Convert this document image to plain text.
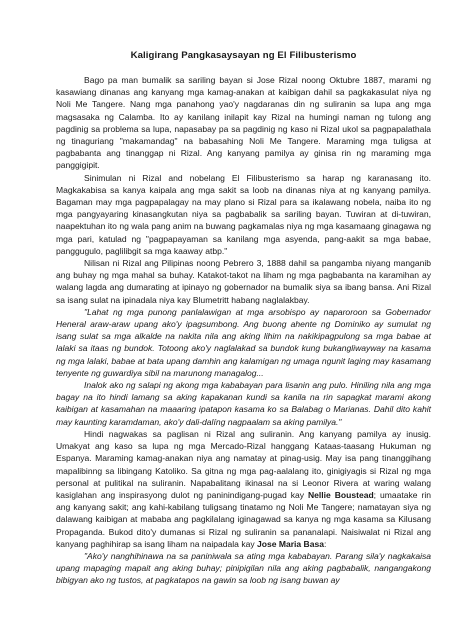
Kaligirang Pangkasaysayan ng El Filibusterismo

Bago pa man bumalik sa sariling bayan si Jose Rizal noong Oktubre 1887, marami ng kasawiang dinanas ang kanyang mga kamag-anakan at kaibigan dahil sa pagkakasulat niya ng Noli Me Tangere. Nang mga panahong yao'y nagdaranas din ng suliranin sa lupa ang mga magsasaka ng Calamba. Ito ay kanilang inilapit kay Rizal na humingi naman ng tulong ang pagdinig sa problema sa lupa, napasabay pa sa pagdinig ng kaso ni Rizal ukol sa pagpapalathala ng tinaguriang "makamandag" na babasahing Noli Me Tangere. Maraming mga tuligsa at pagbabanta ang tinanggap ni Rizal. Ang kanyang pamilya ay ginisa rin ng maraming mga panggigipit.

Sinimulan ni Rizal and nobelang El Filibusterismo sa harap ng karanasang ito. Magkakabisa sa kanya kaipala ang mga sakit sa loob na dinanas niya at ng kanyang pamilya. Bagaman may mga pagpapalagay na may plano si Rizal para sa ikalawang nobela, naiba ito ng mga pangyayaring kinasangkutan niya sa pagbabalik sa sariling bayan. Tuwiran at di-tuwiran, naapektuhan ito ng wala pang anim na buwang pagkamalas niya ng mga kasamaang ginagawa ng mga pari, katulad ng "pagpapayaman sa kanilang mga asyenda, pang-aakit sa mga babae, panggugulo, paglilibgit sa mga kaaway atbp."

Nilisan ni Rizal ang Pilipinas noong Pebrero 3, 1888 dahil sa pangamba niyang manganib ang buhay ng mga mahal sa buhay. Katakot-takot na liham ng mga pagbabanta na karamihan ay walang lagda ang dumarating at ipinayo ng gobernador na bumalik siya sa ibang bansa. Ani Rizal sa isang sulat na ipinadala niya kay Blumetritt habang naglalakbay.

"Lahat ng mga punong panlalawigan at mga arsobispo ay naparoroon sa Gobernador Heneral araw-araw upang ako'y ipagsumbong. Ang buong ahente ng Dominiko ay sumulat ng isang sulat sa mga alkalde na nakita nila ang aking lihim na nakikipagpulong sa mga babae at lalaki sa itaas ng bundok. Totoong ako'y naglalakad sa bundok kung bukangliwayway na kasama ng mga lalaki, babae at bata upang damhin ang kalamigan ng umaga ngunit laging may kasamang tenyente ng guwardiya sibil na marunong managalog...

Inalok ako ng salapi ng akong mga kababayan para lisanin ang pulo. Hiniling nila ang mga bagay na ito hindi lamang sa aking kapakanan kundi sa kanila na rin sapagkat marami akong kaibigan at kasamahan na maaaring ipatapon kasama ko sa Balabag o Marianas. Dahil dito kahit may kaunting karamdaman, ako'y dali-dalíng nagpaalam sa aking pamilya."

Hindi nagwakas sa paglisan ni Rizal ang suliranin. Ang kanyang pamilya ay inusig. Umakyat ang kaso sa lupa ng mga Mercado-Rizal hanggang Kataas-taasang Hukuman ng Espanya. Maraming kamag-anakan niya ang namatay at pinag-usig. May isa pang tinanggihang mapalibinng sa libingang Katoliko. Sa gitna ng mga pag-aalalang ito, ginigiyagis si Rizal ng mga personal at pulitikal na suliranin. Napabalitang ikinasal na si Leonor Rivera at waring walang kasiglahan ang inspirasyong dulot ng paninindigang-pugad kay Nellie Boustead; umaatake rin ang kanyang sakit; ang kahi-kabilang tuligsang tinatamo ng Noli Me Tangere; namatayan siya ng dalawang kaibigan at mababa ang pagkilalang iginagawad sa kanya ng mga kasama sa Kilusang Propaganda. Bukod dito'y dumanas si Rizal ng suliranin sa pananalapi. Naisiwalat ni Rizal ang kanyang paghihirap sa isang liham na naipadala kay Jose Maria Basa:

"Ako'y nanghihinawa na sa paniniwala sa ating mga kababayan. Parang sila'y nagkakaisa upang mapaging mapait ang aking buhay; pinipigilan nila ang aking pagbabalik, nangangakong bibigyan ako ng tustos, at pagkatapos na gawin sa loob ng isang buwan ay
